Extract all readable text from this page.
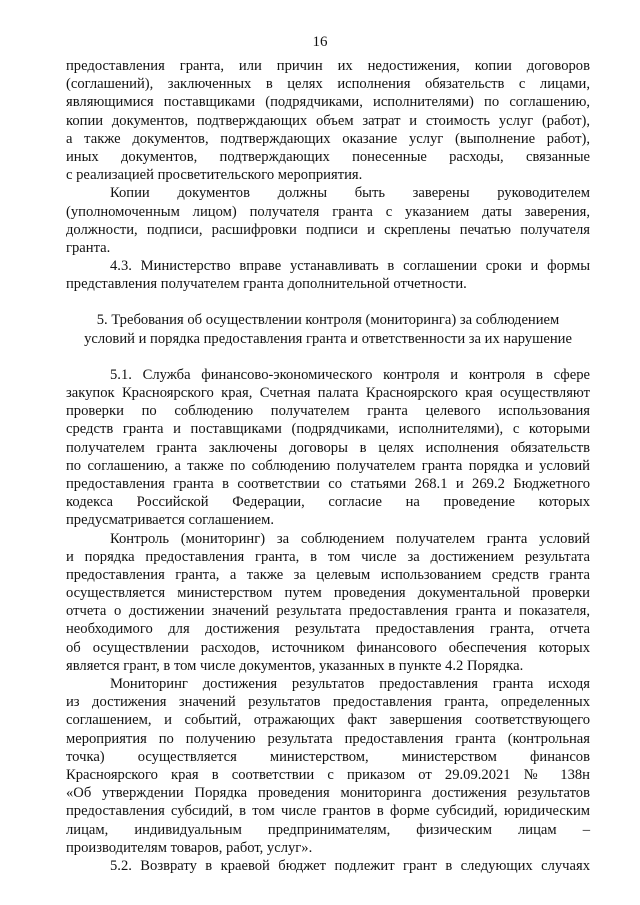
16
предоставления гранта, или причин их недостижения, копии договоров
(соглашений), заключенных в целях исполнения обязательств с лицами,
являющимися поставщиками (подрядчиками, исполнителями) по соглашению,
копии документов, подтверждающих объем затрат и стоимость услуг (работ),
а также документов, подтверждающих оказание услуг (выполнение работ),
иных документов, подтверждающих понесенные расходы, связанные
с реализацией просветительского мероприятия.
Копии документов должны быть заверены руководителем
(уполномоченным лицом) получателя гранта с указанием даты заверения,
должности, подписи, расшифровки подписи и скреплены печатью получателя
гранта.
4.3. Министерство вправе устанавливать в соглашении сроки и формы
представления получателем гранта дополнительной отчетности.
5. Требования об осуществлении контроля (мониторинга) за соблюдением
условий и порядка предоставления гранта и ответственности за их нарушение
5.1. Служба финансово-экономического контроля и контроля в сфере
закупок Красноярского края, Счетная палата Красноярского края осуществляют
проверки по соблюдению получателем гранта целевого использования
средств гранта и поставщиками (подрядчиками, исполнителями), с которыми
получателем гранта заключены договоры в целях исполнения обязательств
по соглашению, а также по соблюдению получателем гранта порядка и условий
предоставления гранта в соответствии со статьями 268.1 и 269.2 Бюджетного
кодекса Российской Федерации, согласие на проведение которых
предусматривается соглашением.
Контроль (мониторинг) за соблюдением получателем гранта условий
и порядка предоставления гранта, в том числе за достижением результата
предоставления гранта, а также за целевым использованием средств гранта
осуществляется министерством путем проведения документальной проверки
отчета о достижении значений результата предоставления гранта и показателя,
необходимого для достижения результата предоставления гранта, отчета
об осуществлении расходов, источником финансового обеспечения которых
является грант, в том числе документов, указанных в пункте 4.2 Порядка.
Мониторинг достижения результатов предоставления гранта исходя
из достижения значений результатов предоставления гранта, определенных
соглашением, и событий, отражающих факт завершения соответствующего
мероприятия по получению результата предоставления гранта (контрольная
точка) осуществляется министерством, министерством финансов
Красноярского края в соответствии с приказом от 29.09.2021 № 138н
«Об утверждении Порядка проведения мониторинга достижения результатов
предоставления субсидий, в том числе грантов в форме субсидий, юридическим
лицам, индивидуальным предпринимателям, физическим лицам –
производителям товаров, работ, услуг».
5.2. Возврату в краевой бюджет подлежит грант в следующих случаях
